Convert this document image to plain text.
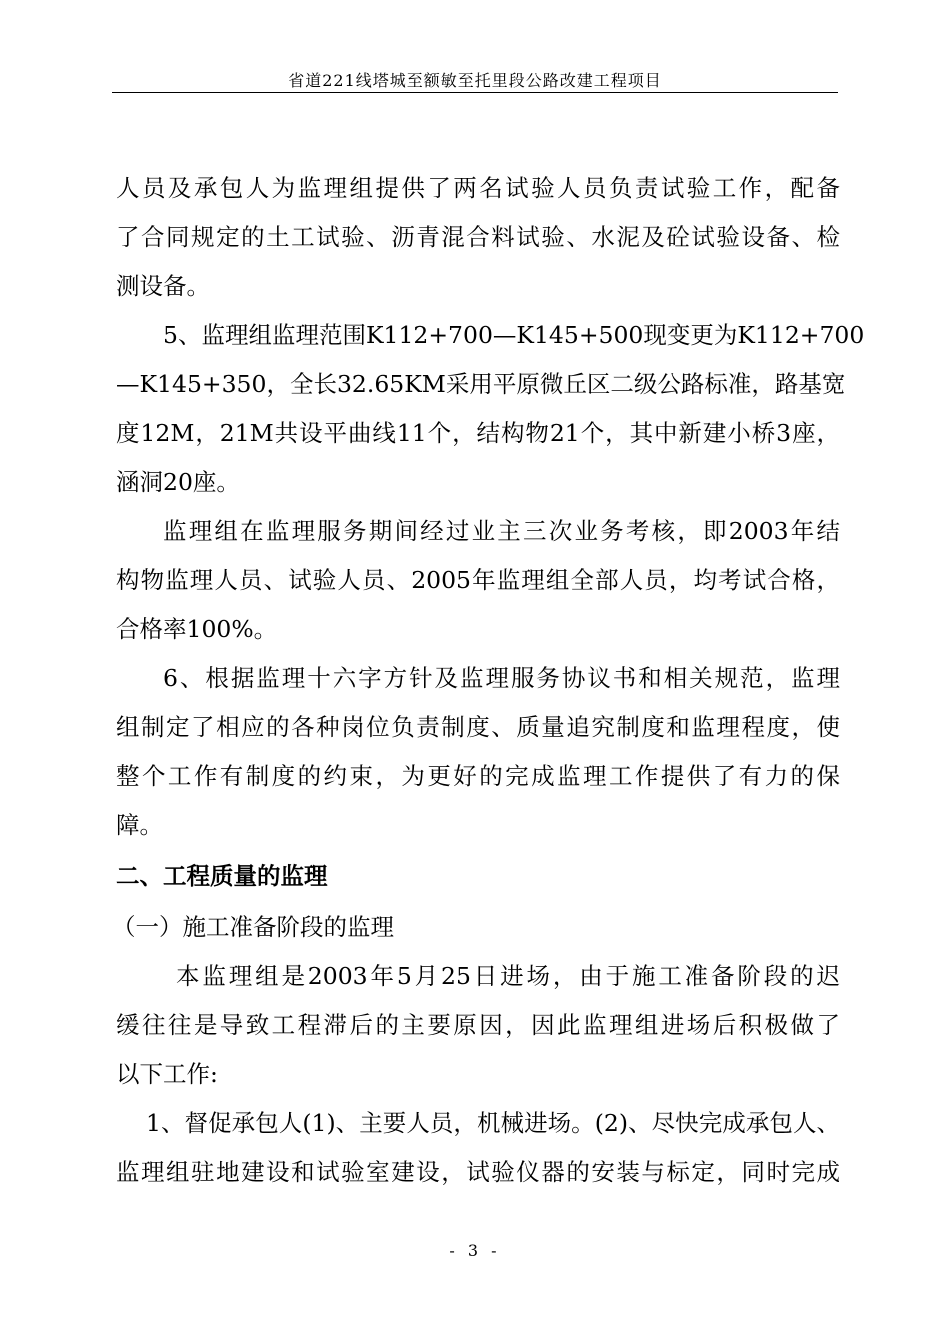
省道221线塔城至额敏至托里段公路改建工程项目
人员及承包人为监理组提供了两名试验人员负责试验工作，配备
了合同规定的土工试验、沥青混合料试验、水泥及砼试验设备、检
测设备。
5、监理组监理范围K112+700—K145+500现变更为K112+700
—K145+350，全长32.65KM采用平原微丘区二级公路标准，路基宽
度12M，21M共设平曲线11个，结构物21个，其中新建小桥3座，
涵洞20座。
监理组在监理服务期间经过业主三次业务考核，即2003年结
构物监理人员、试验人员、2005年监理组全部人员，均考试合格，
合格率100%。
6、根据监理十六字方针及监理服务协议书和相关规范，监理
组制定了相应的各种岗位负责制度、质量追究制度和监理程度，使
整个工作有制度的约束，为更好的完成监理工作提供了有力的保
障。
二、工程质量的监理
（一）施工准备阶段的监理
本监理组是2003年5月25日进场，由于施工准备阶段的迟
缓往往是导致工程滞后的主要原因，因此监理组进场后积极做了
以下工作:
1、督促承包人(1)、主要人员，机械进场。(2)、尽快完成承包人、
监理组驻地建设和试验室建设，试验仪器的安装与标定，同时完成
- 3 -
